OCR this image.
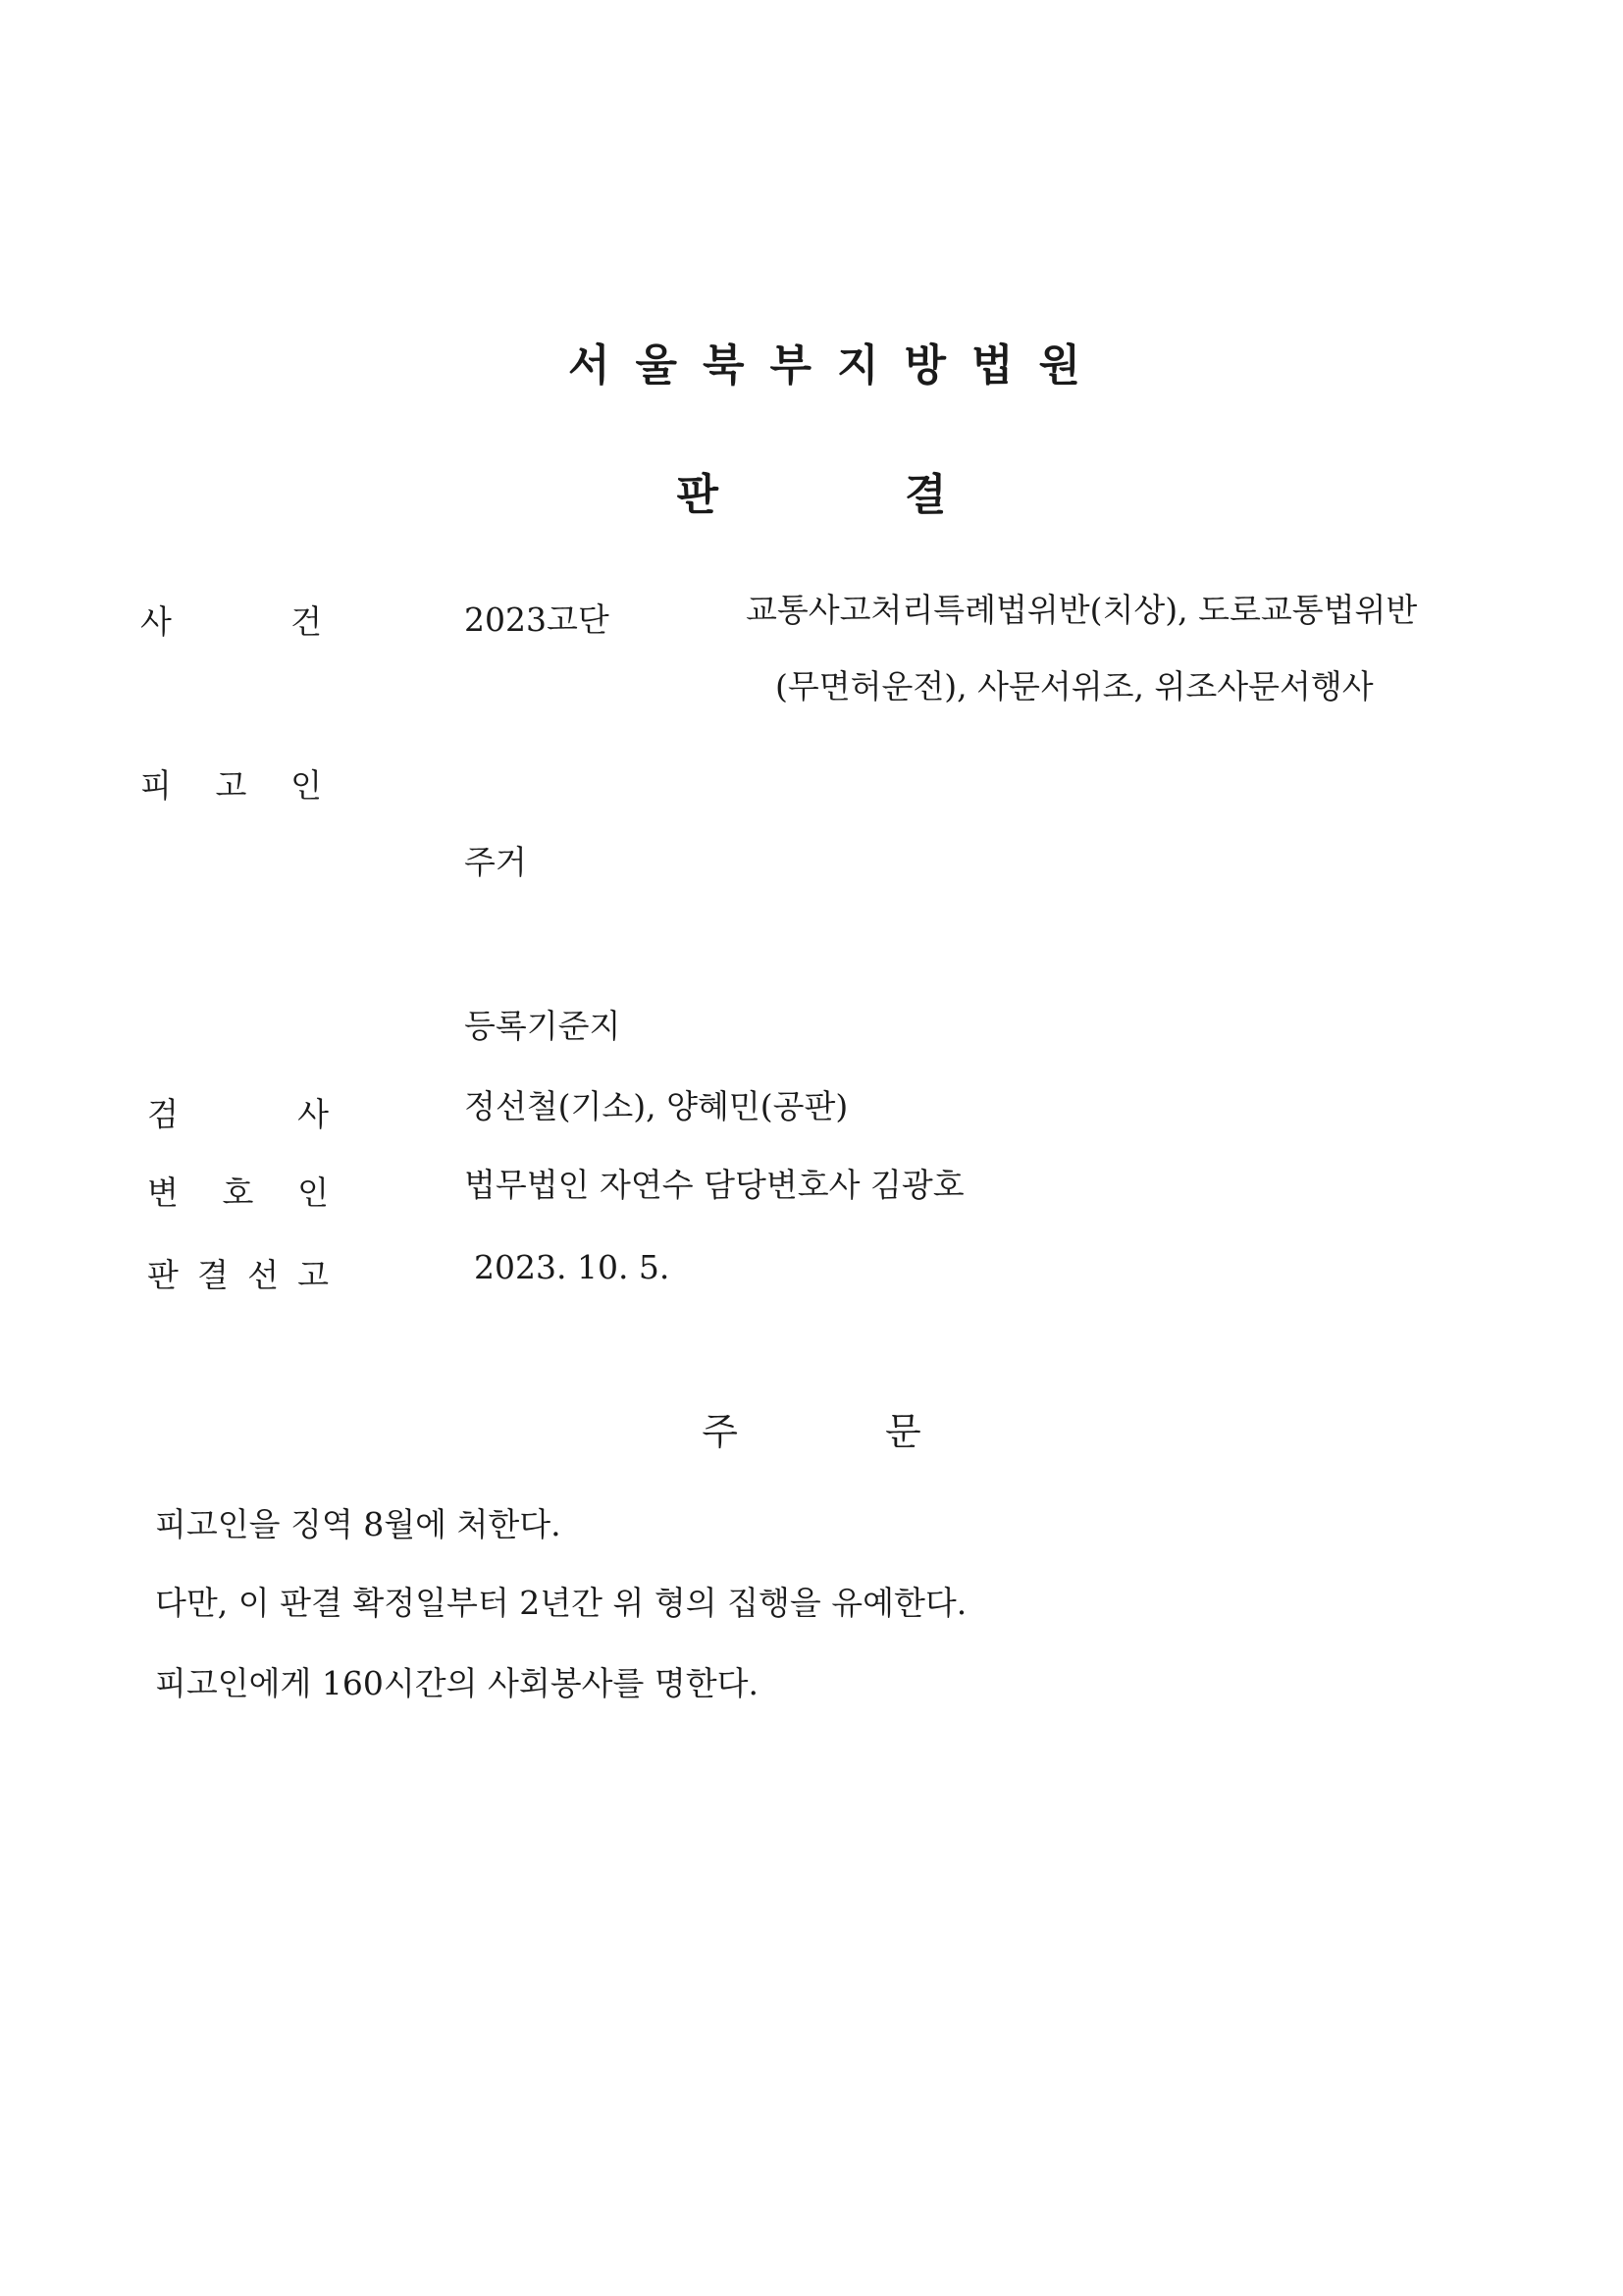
서울북부지방법원
판	결
사	건	2023고단	교통사고처리특례법위반(치상), 도로교통법위반
(무면허운전), 사문서위조, 위조사문서행사
피 고 인
주거
등록기준지
검	사	정선철(기소), 양혜민(공판)
변 호 인	법무법인 자연수 담당변호사 김광호
판 결 선 고	2023. 10. 5.
주	문
피고인을 징역 8월에 처한다.
다만, 이 판결 확정일부터 2년간 위 형의 집행을 유예한다.
피고인에게 160시간의 사회봉사를 명한다.
